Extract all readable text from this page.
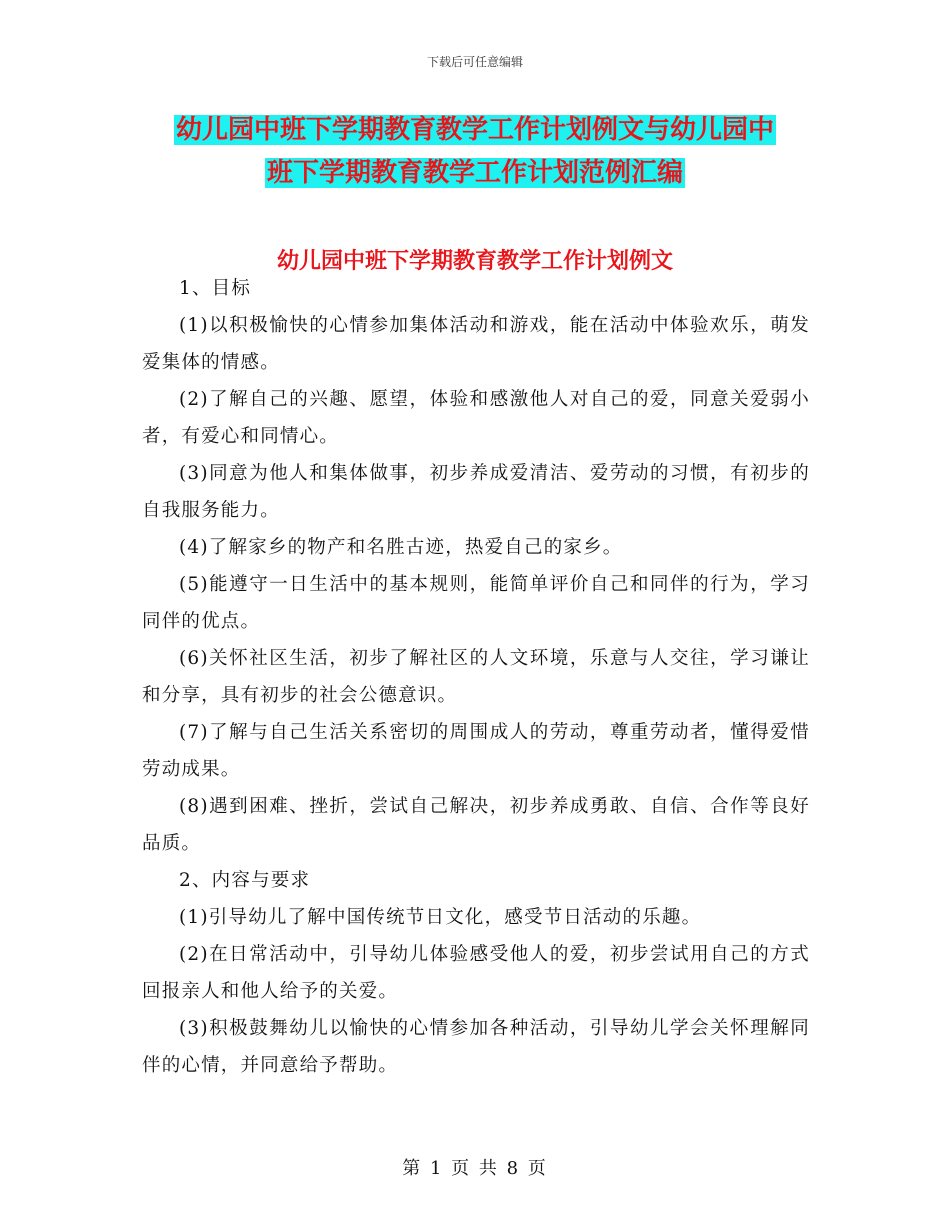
下载后可任意编辑
幼儿园中班下学期教育教学工作计划例文与幼儿园中
班下学期教育教学工作计划范例汇编
幼儿园中班下学期教育教学工作计划例文

1、目标

(1)以积极愉快的心情参加集体活动和游戏，能在活动中体验欢乐，萌发爱集体的情感。

(2)了解自己的兴趣、愿望，体验和感激他人对自己的爱，同意关爱弱小者，有爱心和同情心。

(3)同意为他人和集体做事，初步养成爱清洁、爱劳动的习惯，有初步的自我服务能力。

(4)了解家乡的物产和名胜古迹，热爱自己的家乡。

(5)能遵守一日生活中的基本规则，能简单评价自己和同伴的行为，学习同伴的优点。

(6)关怀社区生活，初步了解社区的人文环境，乐意与人交往，学习谦让和分享，具有初步的社会公德意识。

(7)了解与自己生活关系密切的周围成人的劳动，尊重劳动者，懂得爱惜劳动成果。

(8)遇到困难、挫折，尝试自己解决，初步养成勇敢、自信、合作等良好品质。

2、内容与要求

(1)引导幼儿了解中国传统节日文化，感受节日活动的乐趣。

(2)在日常活动中，引导幼儿体验感受他人的爱，初步尝试用自己的方式回报亲人和他人给予的关爱。

(3)积极鼓舞幼儿以愉快的心情参加各种活动，引导幼儿学会关怀理解同伴的心情，并同意给予帮助。

第 1 页 共 8 页
